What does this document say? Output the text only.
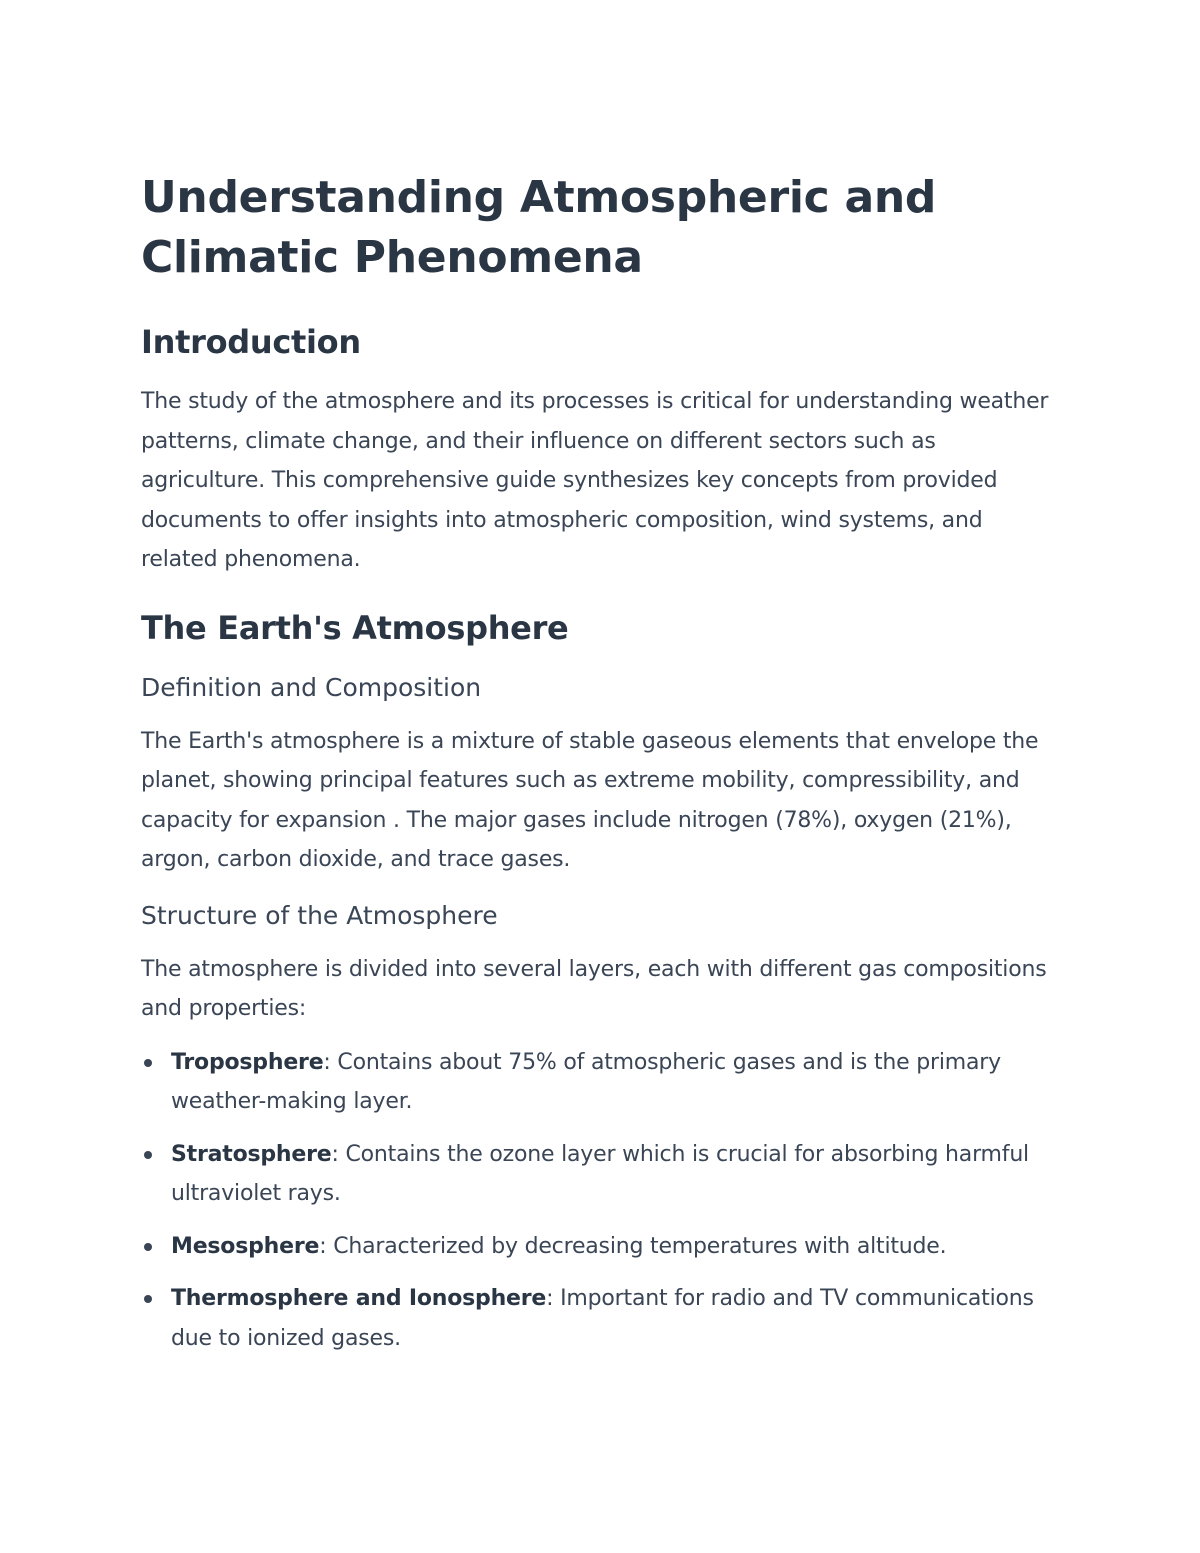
Understanding Atmospheric and Climatic Phenomena
Introduction

The study of the atmosphere and its processes is critical for understanding weather patterns, climate change, and their influence on different sectors such as agriculture. This comprehensive guide synthesizes key concepts from provided documents to offer insights into atmospheric composition, wind systems, and related phenomena.

The Earth's Atmosphere
Definition and Composition

The Earth's atmosphere is a mixture of stable gaseous elements that envelope the planet, showing principal features such as extreme mobility, compressibility, and capacity for expansion . The major gases include nitrogen (78%), oxygen (21%), argon, carbon dioxide, and trace gases.

Structure of the Atmosphere

The atmosphere is divided into several layers, each with different gas compositions and properties:

Troposphere: Contains about 75% of atmospheric gases and is the primary weather-making layer.
Stratosphere: Contains the ozone layer which is crucial for absorbing harmful ultraviolet rays.
Mesosphere: Characterized by decreasing temperatures with altitude.
Thermosphere and Ionosphere: Important for radio and TV communications due to ionized gases.
